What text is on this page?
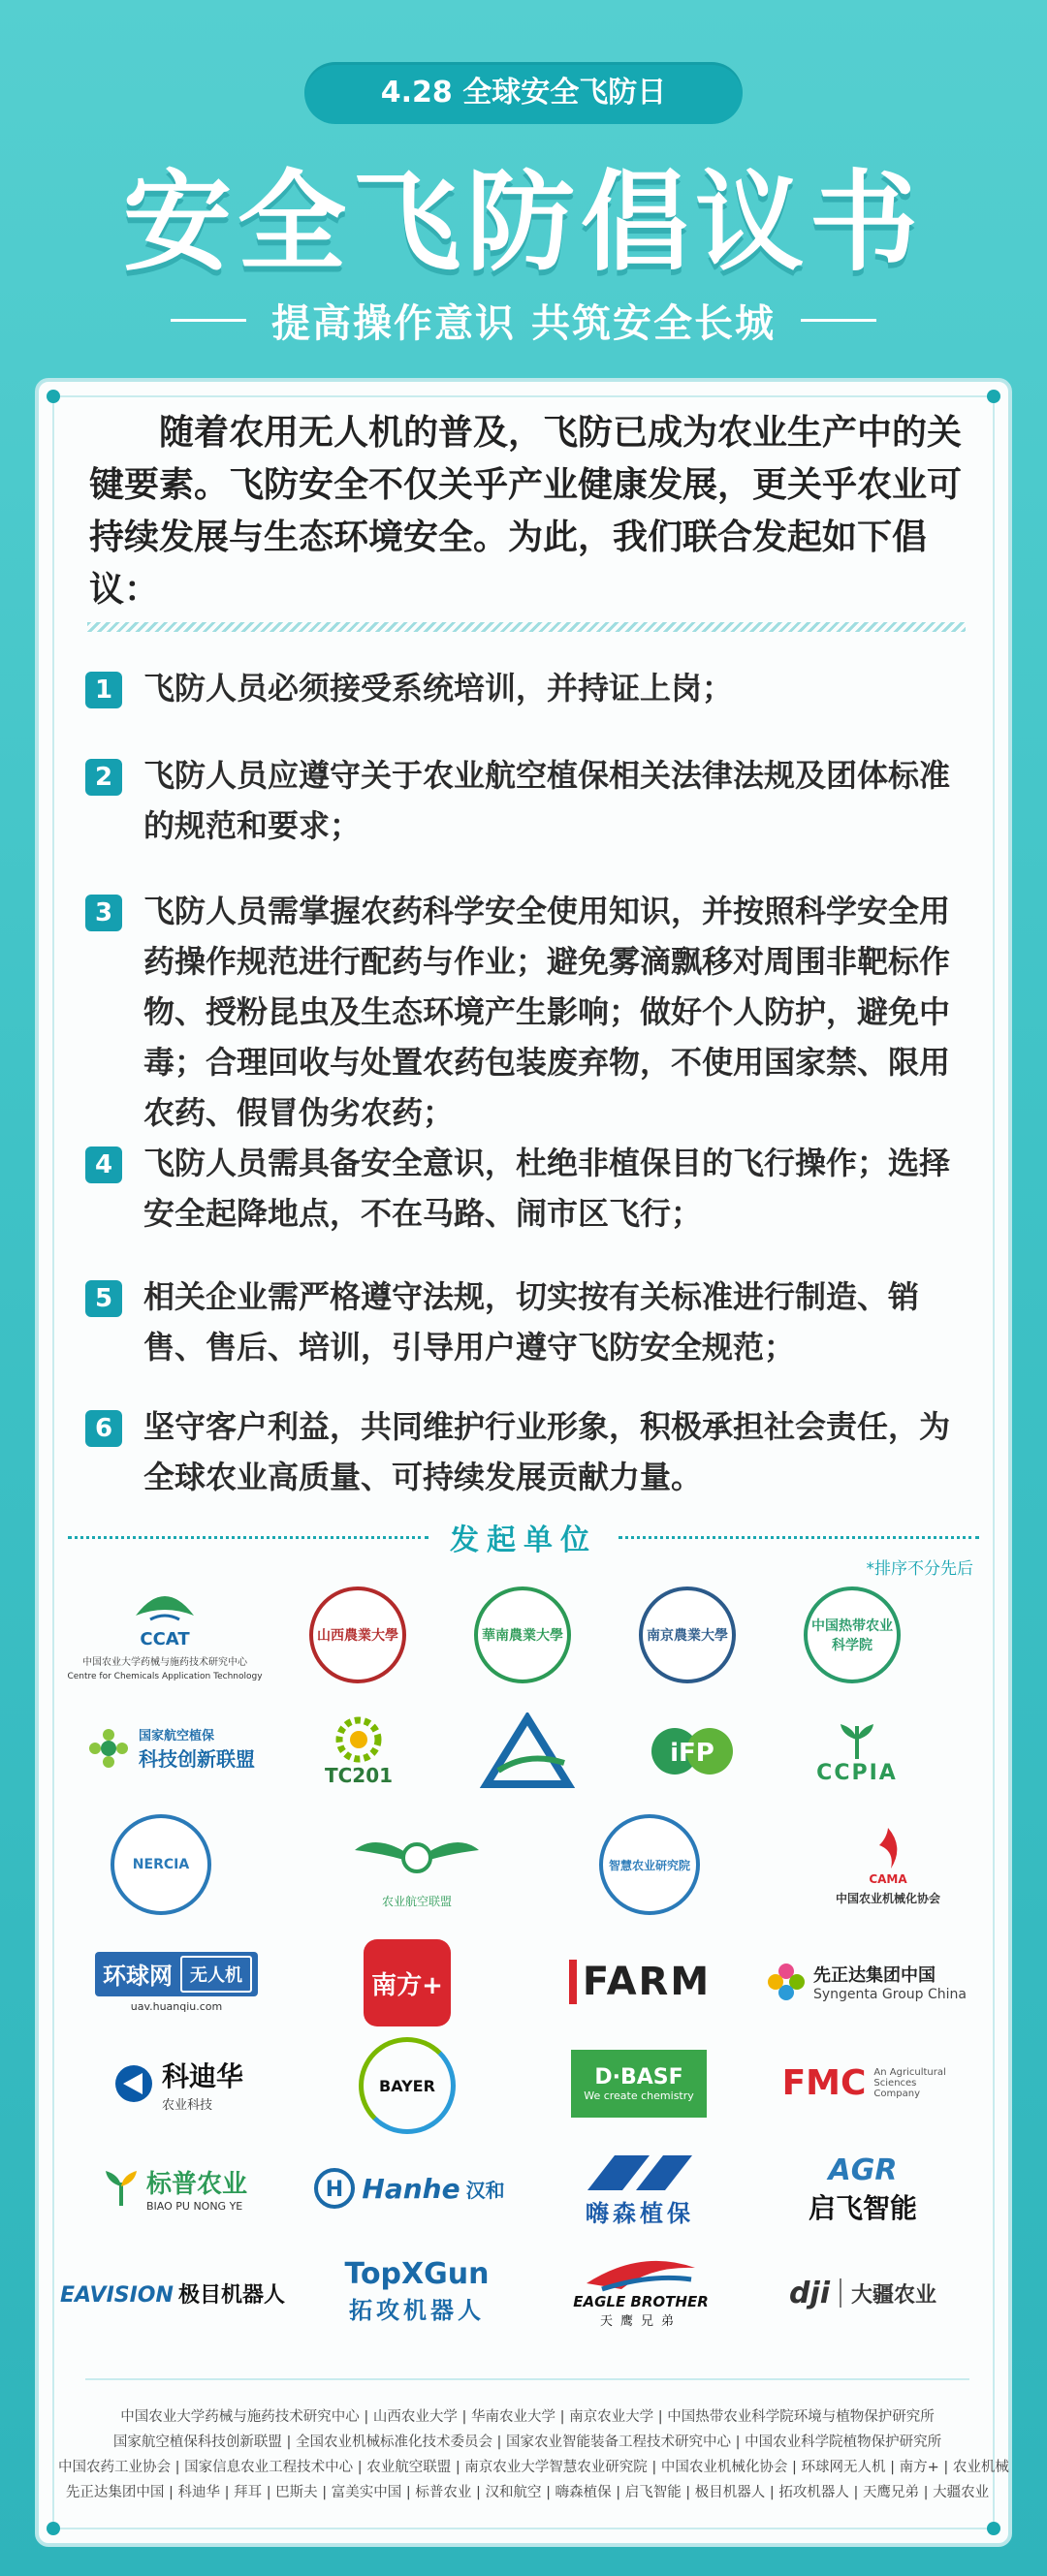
4.28 全球安全飞防日
安全飞防倡议书
提高操作意识 共筑安全长城
随着农用无人机的普及，飞防已成为农业生产中的关键要素。飞防安全不仅关乎产业健康发展，更关乎农业可持续发展与生态环境安全。为此，我们联合发起如下倡议：
1 飞防人员必须接受系统培训，并持证上岗；
2 飞防人员应遵守关于农业航空植保相关法律法规及团体标准的规范和要求；
3 飞防人员需掌握农药科学安全使用知识，并按照科学安全用药操作规范进行配药与作业；避免雾滴飘移对周围非靶标作物、授粉昆虫及生态环境产生影响；做好个人防护，避免中毒；合理回收与处置农药包装废弃物，不使用国家禁、限用农药、假冒伪劣农药；
4 飞防人员需具备安全意识，杜绝非植保目的飞行操作；选择安全起降地点，不在马路、闹市区飞行；
5 相关企业需严格遵守法规，切实按有关标准进行制造、销售、售后、培训，引导用户遵守飞防安全规范；
6 坚守客户利益，共同维护行业形象，积极承担社会责任，为全球农业高质量、可持续发展贡献力量。
发起单位
*排序不分先后
CCAT
中国农业大学药械与施药技术研究中心
Centre for Chemicals Application Technology
山西農業大學	華南農業大學	南京農業大學
中国热带农业科学院
国家航空植保
科技创新联盟
TC201
iFP
CCPIA
NERCIA
农业航空联盟
智慧农业研究院
CAMA
中国农业机械化协会
环球网	无人机
uav.huanqiu.com
南方+	FARM	先正达集团中国
Syngenta Group China
科迪华
农业科技
BAYER	D·BASF
We create chemistry	FMC An Agricultural Sciences Company
标普农业
BIAO PU NONG YE
H Hanhe 汉和
嗨森植保
AGR
启飞智能
EAVISION 极目机器人
TopXGun
拓攻机器人	EAGLE BROTHER
天鹰兄弟
dji 大疆农业
中国农业大学药械与施药技术研究中心 | 山西农业大学 | 华南农业大学 | 南京农业大学 | 中国热带农业科学院环境与植物保护研究所
国家航空植保科技创新联盟 | 全国农业机械标准化技术委员会 | 国家农业智能装备工程技术研究中心 | 中国农业科学院植物保护研究所
中国农药工业协会 | 国家信息农业工程技术中心 | 农业航空联盟 | 南京农业大学智慧农业研究院 | 中国农业机械化协会 | 环球网无人机 | 南方+ | 农业机械
先正达集团中国 | 科迪华 | 拜耳 | 巴斯夫 | 富美实中国 | 标普农业 | 汉和航空 | 嗨森植保 | 启飞智能 | 极目机器人 | 拓攻机器人 | 天鹰兄弟 | 大疆农业
